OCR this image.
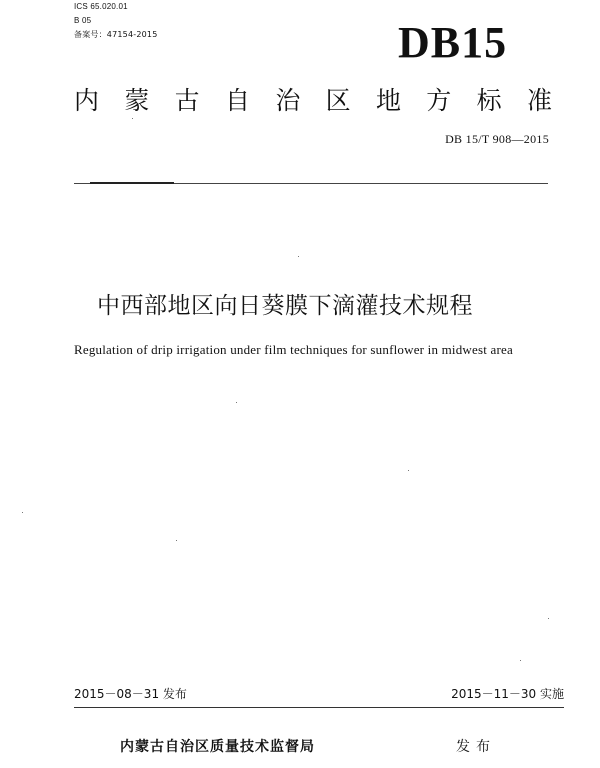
ICS 65.020.01

B 05

备案号：47154-2015	DB15
内 蒙 古 自 治 区 地 方 标 准

DB 15/T 908—2015

中西部地区向日葵膜下滴灌技术规程

Regulation of drip irrigation under film techniques for sunflower in midwest area

2015－08－31 发布	2015－11－30 实施

内蒙古自治区质量技术监督局	发布
